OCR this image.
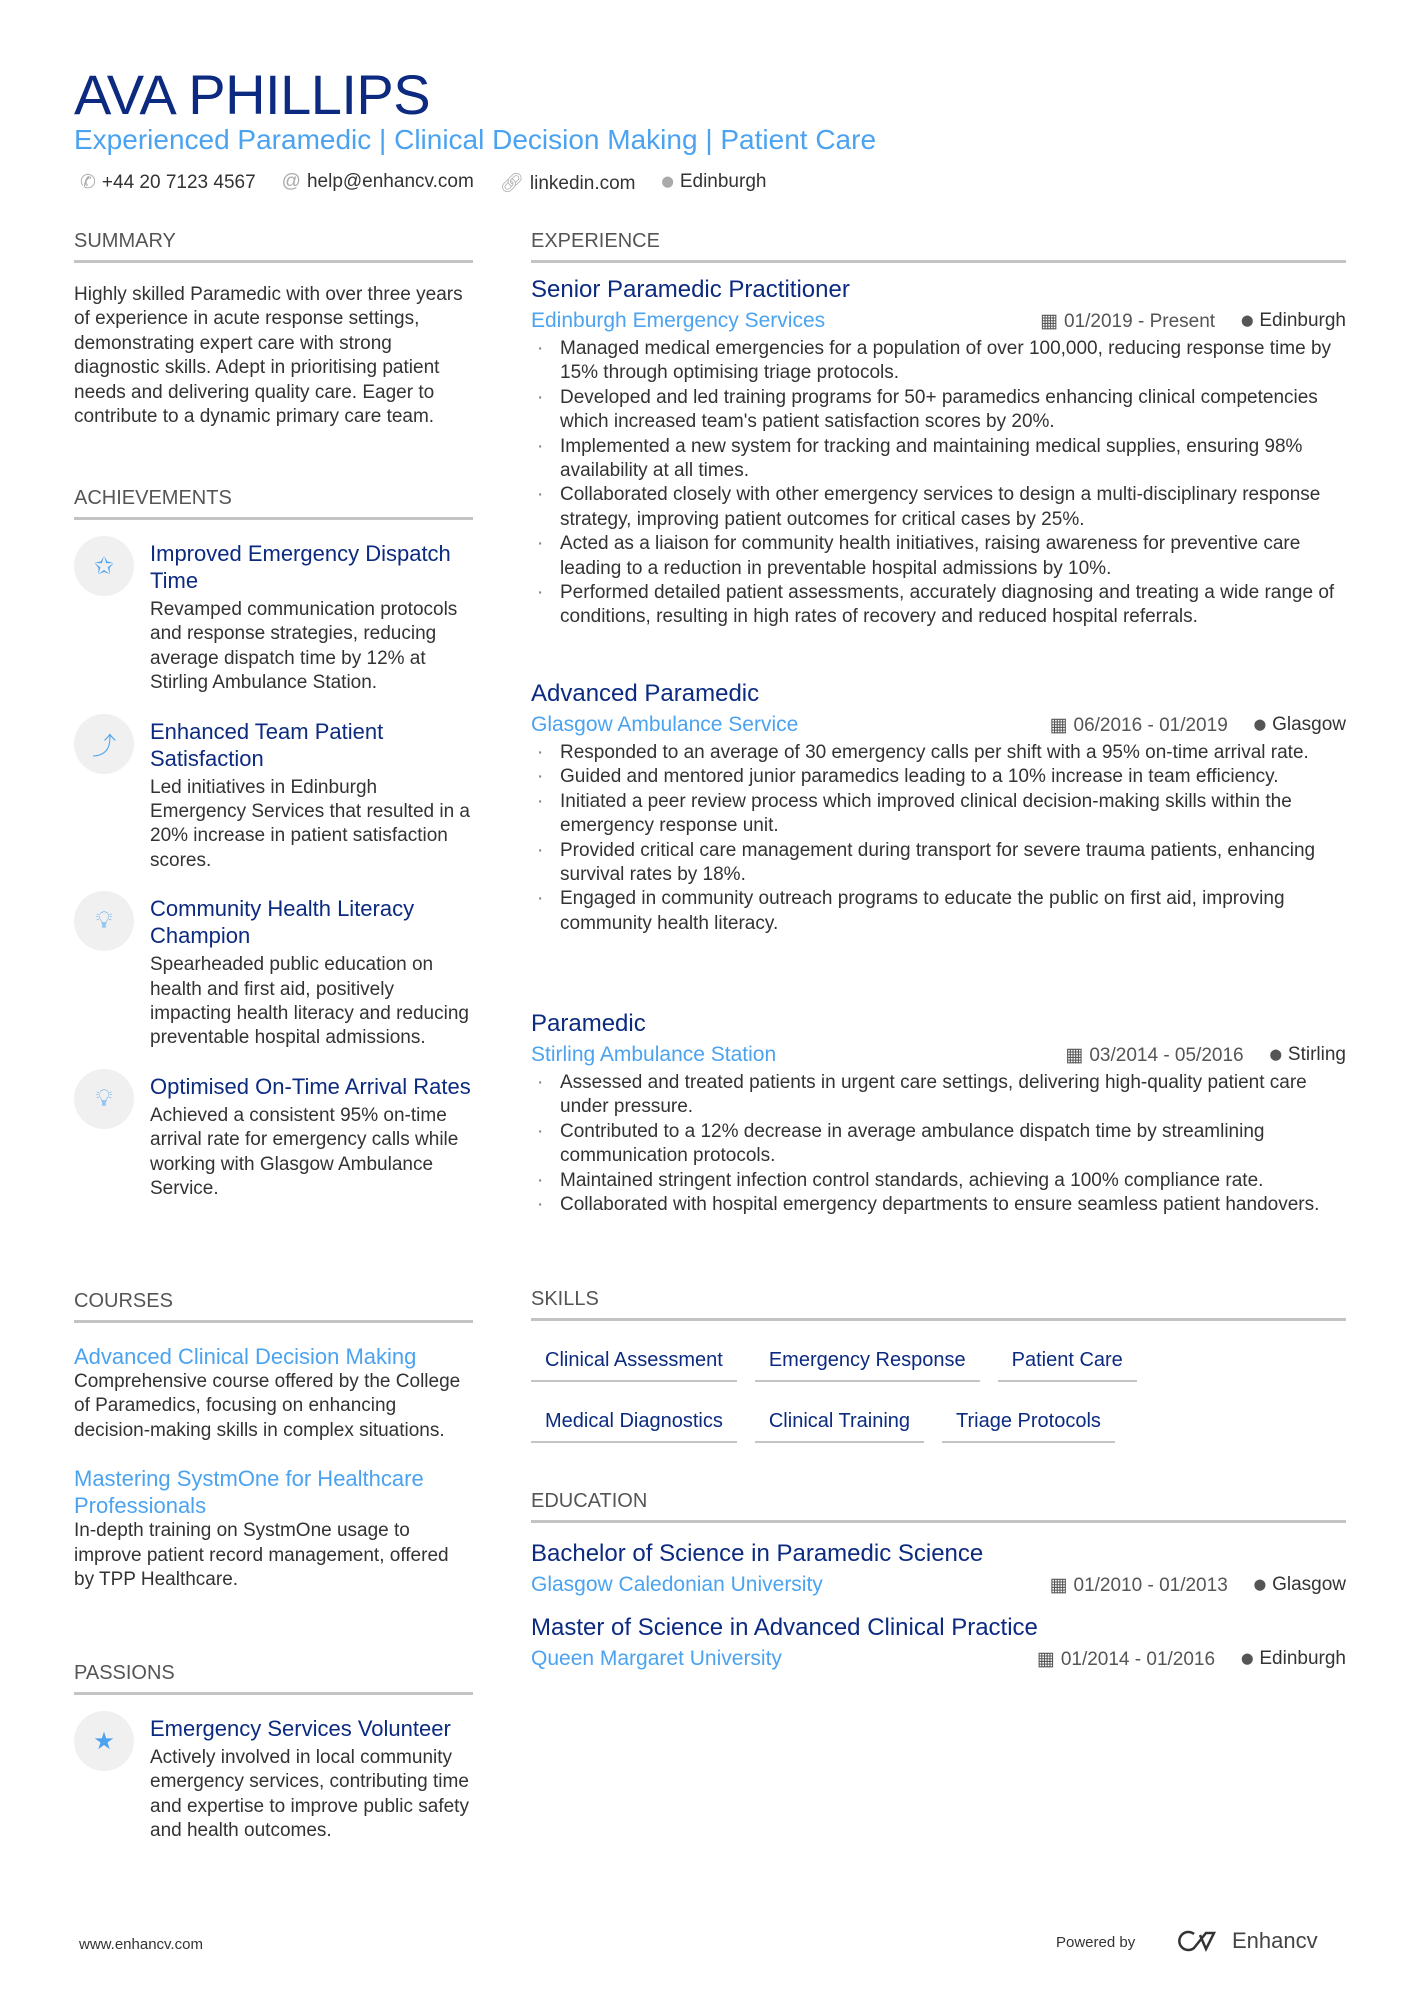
AVA PHILLIPS
Experienced Paramedic | Clinical Decision Making | Patient Care
✆ +44 20 7123 4567 @ help@enhancv.com 🔗︎ linkedin.com ⬤ Edinburgh
SUMMARY

Highly skilled Paramedic with over three years of experience in acute response settings, demonstrating expert care with strong diagnostic skills. Adept in prioritising patient needs and delivering quality care. Eager to contribute to a dynamic primary care team.

ACHIEVEMENTS
✩	Improved Emergency Dispatch Time

Revamped communication protocols and response strategies, reducing average dispatch time by 12% at Stirling Ambulance Station.

⤴
Enhanced Team Patient Satisfaction

Led initiatives in Edinburgh Emergency Services that resulted in a 20% increase in patient satisfaction scores.

💡︎	Community Health Literacy Champion

Spearheaded public education on health and first aid, positively impacting health literacy and reducing preventable hospital admissions.

💡︎	Optimised On-Time Arrival Rates

Achieved a consistent 95% on-time arrival rate for emergency calls while working with Glasgow Ambulance Service.

COURSES
Advanced Clinical Decision Making

Comprehensive course offered by the College of Paramedics, focusing on enhancing decision-making skills in complex situations.

Mastering SystmOne for Healthcare Professionals

In-depth training on SystmOne usage to improve patient record management, offered by TPP Healthcare.

PASSIONS
★	Emergency Services Volunteer

Actively involved in local community emergency services, contributing time and expertise to improve public safety and health outcomes.

EXPERIENCE
Senior Paramedic Practitioner
Edinburgh Emergency Services	▦ 01/2019 - Present ⬤ Edinburgh
· Managed medical emergencies for a population of over 100,000, reducing response time by 15% through optimising triage protocols.
· Developed and led training programs for 50+ paramedics enhancing clinical competencies which increased team's patient satisfaction scores by 20%.
· Implemented a new system for tracking and maintaining medical supplies, ensuring 98% availability at all times.
· Collaborated closely with other emergency services to design a multi-disciplinary response strategy, improving patient outcomes for critical cases by 25%.
· Acted as a liaison for community health initiatives, raising awareness for preventive care leading to a reduction in preventable hospital admissions by 10%.
· Performed detailed patient assessments, accurately diagnosing and treating a wide range of conditions, resulting in high rates of recovery and reduced hospital referrals.
Advanced Paramedic
Glasgow Ambulance Service	▦ 06/2016 - 01/2019 ⬤ Glasgow
· Responded to an average of 30 emergency calls per shift with a 95% on-time arrival rate.
· Guided and mentored junior paramedics leading to a 10% increase in team efficiency.
· Initiated a peer review process which improved clinical decision-making skills within the emergency response unit.
· Provided critical care management during transport for severe trauma patients, enhancing survival rates by 18%.
· Engaged in community outreach programs to educate the public on first aid, improving community health literacy.
Paramedic
Stirling Ambulance Station	▦ 03/2014 - 05/2016 ⬤ Stirling
· Assessed and treated patients in urgent care settings, delivering high-quality patient care under pressure.
· Contributed to a 12% decrease in average ambulance dispatch time by streamlining communication protocols.
· Maintained stringent infection control standards, achieving a 100% compliance rate.
· Collaborated with hospital emergency departments to ensure seamless patient handovers.
SKILLS
Clinical Assessment	Emergency Response	Patient Care
Medical Diagnostics	Clinical Training	Triage Protocols
EDUCATION
Bachelor of Science in Paramedic Science
Glasgow Caledonian University	▦ 01/2010 - 01/2013 ⬤ Glasgow
Master of Science in Advanced Clinical Practice
Queen Margaret University	▦ 01/2014 - 01/2016 ⬤ Edinburgh
www.enhancv.com	Powered by	Enhancv
